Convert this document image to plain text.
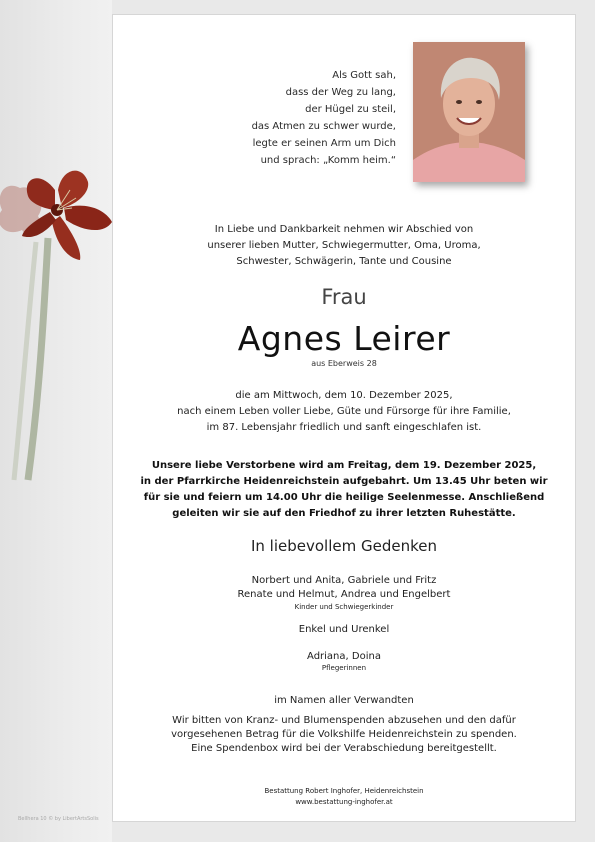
Bellhera 10 © by LibertArtsSolis
Als Gott sah,
dass der Weg zu lang,
der Hügel zu steil,
das Atmen zu schwer wurde,
legte er seinen Arm um Dich
und sprach: „Komm heim.“
In Liebe und Dankbarkeit nehmen wir Abschied von
unserer lieben Mutter, Schwiegermutter, Oma, Uroma,
Schwester, Schwägerin, Tante und Cousine
Frau
Agnes Leirer
aus Eberweis 28
die am Mittwoch, dem 10. Dezember 2025,
nach einem Leben voller Liebe, Güte und Fürsorge für ihre Familie,
im 87. Lebensjahr friedlich und sanft eingeschlafen ist.
Unsere liebe Verstorbene wird am Freitag, dem 19. Dezember 2025,
in der Pfarrkirche Heidenreichstein aufgebahrt. Um 13.45 Uhr beten wir
für sie und feiern um 14.00 Uhr die heilige Seelenmesse. Anschließend
geleiten wir sie auf den Friedhof zu ihrer letzten Ruhestätte.
In liebevollem Gedenken
Norbert und Anita, Gabriele und Fritz
Renate und Helmut, Andrea und Engelbert
Kinder und Schwiegerkinder
Enkel und Urenkel
Adriana, Doina
Pflegerinnen
im Namen aller Verwandten
Wir bitten von Kranz- und Blumenspenden abzusehen und den dafür
vorgesehenen Betrag für die Volkshilfe Heidenreichstein zu spenden.
Eine Spendenbox wird bei der Verabschiedung bereitgestellt.
Bestattung Robert Inghofer, Heidenreichstein
www.bestattung-inghofer.at
